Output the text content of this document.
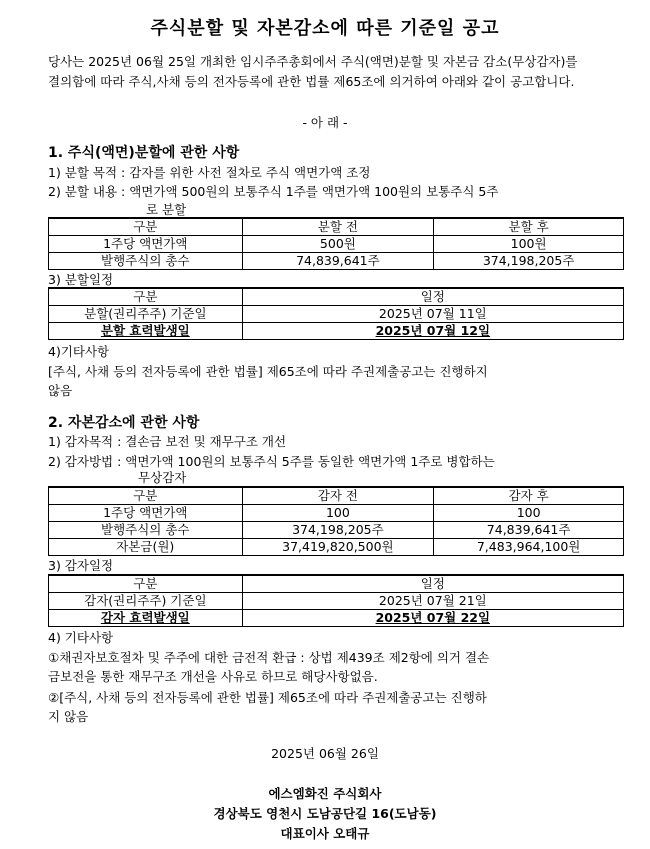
주식분할 및 자본감소에 따른 기준일 공고
당사는 2025년 06월 25일 개최한 임시주주총회에서 주식(액면)분할 및 자본금 감소(무상감자)를 결의함에 따라 주식,사채 등의 전자등록에 관한 법률 제65조에 의거하여 아래와 같이 공고합니다.
- 아 래 -
1. 주식(액면)분할에 관한 사항
1) 분할 목적 : 감자를 위한 사전 절차로 주식 액면가액 조정
2) 분할 내용 : 액면가액 500원의 보통주식 1주를 액면가액 100원의 보통주식 5주
로 분할
구분	분할 전	분할 후
1주당 액면가액	500원	100원
발행주식의 총수	74,839,641주	374,198,205주
3) 분할일정
구분	일정
분할(권리주주) 기준일	2025년 07월 11일
분할 효력발생일	2025년 07월 12일
4)기타사항
[주식, 사채 등의 전자등록에 관한 법률] 제65조에 따라 주권제출공고는 진행하지
않음
2. 자본감소에 관한 사항
1) 감자목적 : 결손금 보전 및 재무구조 개선
2) 감자방법 : 액면가액 100원의 보통주식 5주를 동일한 액면가액 1주로 병합하는
무상감자
구분	감자 전	감자 후
1주당 액면가액	100	100
발행주식의 총수	374,198,205주	74,839,641주
자본금(원)	37,419,820,500원	7,483,964,100원
3) 감자일정
구분	일정
감자(권리주주) 기준일	2025년 07월 21일
감자 효력발생일	2025년 07월 22일
4) 기타사항
①채권자보호절차 및 주주에 대한 금전적 환급 : 상법 제439조 제2항에 의거 결손
금보전을 통한 재무구조 개선을 사유로 하므로 해당사항없음.
②[주식, 사채 등의 전자등록에 관한 법률] 제65조에 따라 주권제출공고는 진행하
지 않음
2025년 06월 26일
에스엠화진 주식회사
경상북도 영천시 도남공단길 16(도남동)
대표이사 오태규
